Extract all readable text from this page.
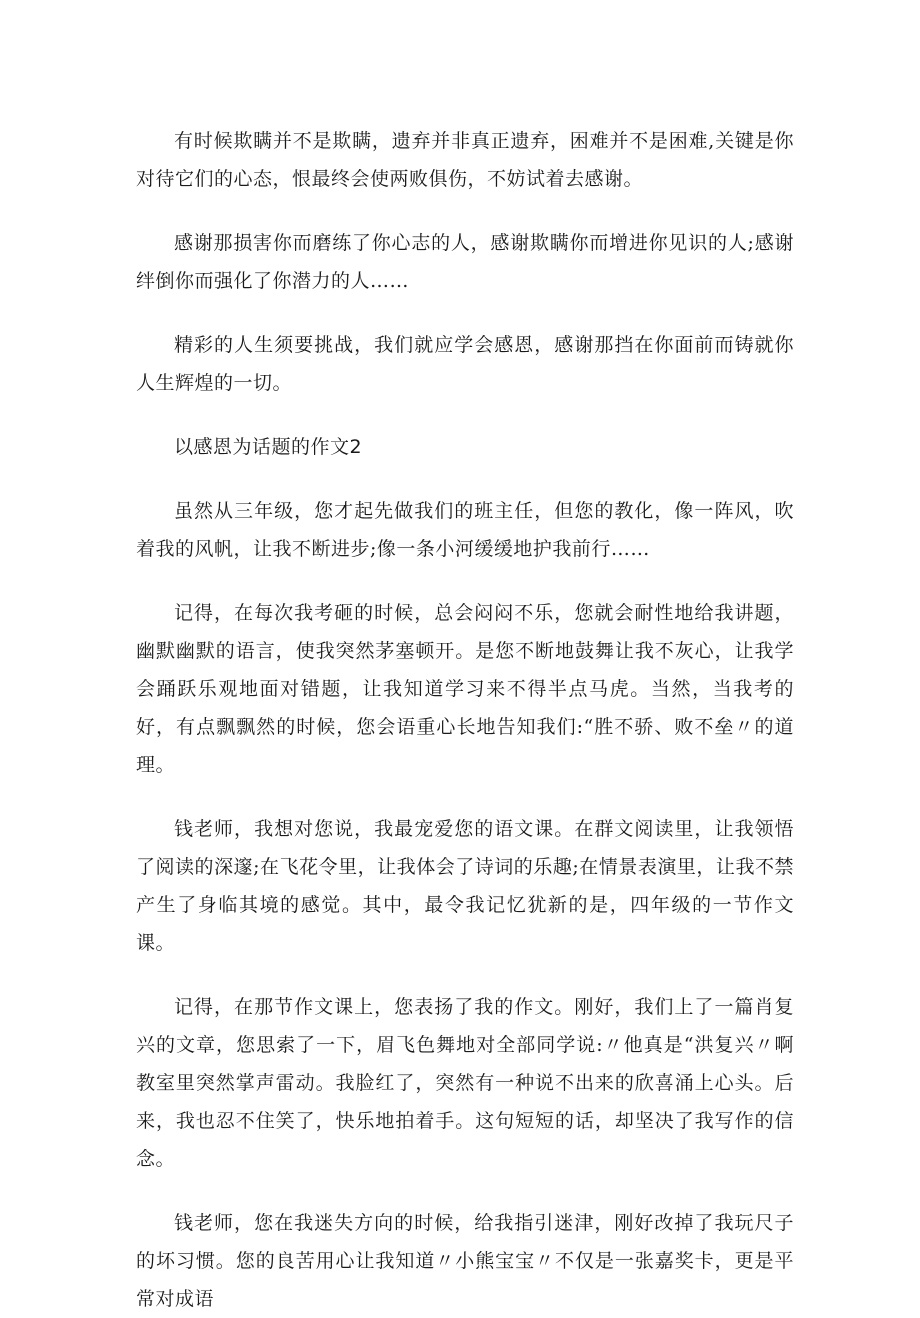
有时候欺瞒并不是欺瞒，遗弃并非真正遗弃，困难并不是困难,关键是你对待它们的心态，恨最终会使两败俱伤，不妨试着去感谢。

感谢那损害你而磨练了你心志的人，感谢欺瞒你而增进你见识的人;感谢绊倒你而强化了你潜力的人……

精彩的人生须要挑战，我们就应学会感恩，感谢那挡在你面前而铸就你人生辉煌的一切。

以感恩为话题的作文2

虽然从三年级，您才起先做我们的班主任，但您的教化，像一阵风，吹着我的风帆，让我不断进步;像一条小河缓缓地护我前行……

记得，在每次我考砸的时候，总会闷闷不乐，您就会耐性地给我讲题，幽默幽默的语言，使我突然茅塞顿开。是您不断地鼓舞让我不灰心，让我学会踊跃乐观地面对错题，让我知道学习来不得半点马虎。当然，当我考的好，有点飘飘然的时候，您会语重心长地告知我们:“胜不骄、败不垒〃的道理。

钱老师，我想对您说，我最宠爱您的语文课。在群文阅读里，让我领悟了阅读的深邃;在飞花令里，让我体会了诗词的乐趣;在情景表演里，让我不禁产生了身临其境的感觉。其中，最令我记忆犹新的是，四年级的一节作文课。

记得，在那节作文课上，您表扬了我的作文。刚好，我们上了一篇肖复兴的文章，您思索了一下，眉飞色舞地对全部同学说:〃他真是“洪复兴〃啊教室里突然掌声雷动。我脸红了，突然有一种说不出来的欣喜涌上心头。后来，我也忍不住笑了，快乐地拍着手。这句短短的话，却坚决了我写作的信念。

钱老师，您在我迷失方向的时候，给我指引迷津，刚好改掉了我玩尺子的坏习惯。您的良苦用心让我知道〃小熊宝宝〃不仅是一张嘉奖卡，更是平常对成语
